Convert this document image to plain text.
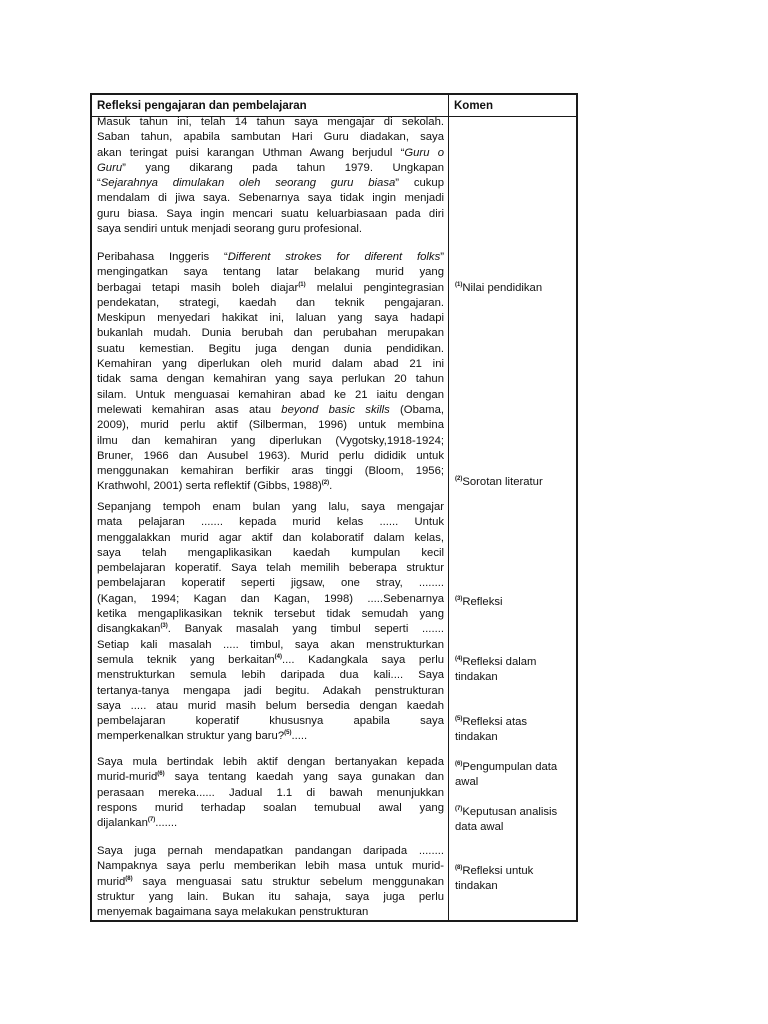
Refleksi pengajaran dan pembelajaran	Komen
Masuk tahun ini, telah 14 tahun saya mengajar di sekolah.
Saban tahun, apabila sambutan Hari Guru diadakan, saya
akan teringat puisi karangan Uthman Awang berjudul “Guru o
Guru” yang dikarang pada tahun 1979. Ungkapan
“Sejarahnya dimulakan oleh seorang guru biasa” cukup
mendalam di jiwa saya. Sebenarnya saya tidak ingin menjadi
guru biasa. Saya ingin mencari suatu keluarbiasaan pada diri
saya sendiri untuk menjadi seorang guru profesional.
Peribahasa Inggeris “Different strokes for diferent folks”
mengingatkan saya tentang latar belakang murid yang
berbagai tetapi masih boleh diajar$^{(1)}$ melalui pengintegrasian
pendekatan, strategi, kaedah dan teknik pengajaran.
Meskipun menyedari hakikat ini, laluan yang saya hadapi
bukanlah mudah. Dunia berubah dan perubahan merupakan
suatu kemestian. Begitu juga dengan dunia pendidikan.
Kemahiran yang diperlukan oleh murid dalam abad 21 ini
tidak sama dengan kemahiran yang saya perlukan 20 tahun
silam. Untuk menguasai kemahiran abad ke 21 iaitu dengan
melewati kemahiran asas atau beyond basic skills (Obama,
2009), murid perlu aktif (Silberman, 1996) untuk membina
ilmu dan kemahiran yang diperlukan (Vygotsky,1918-1924;
Bruner, 1966 dan Ausubel 1963). Murid perlu dididik untuk
menggunakan kemahiran berfikir aras tinggi (Bloom, 1956;
Krathwohl, 2001) serta reflektif (Gibbs, 1988)$^{(2)}$.
Sepanjang tempoh enam bulan yang lalu, saya mengajar
mata pelajaran ....... kepada murid kelas ...... Untuk
menggalakkan murid agar aktif dan kolaboratif dalam kelas,
saya telah mengaplikasikan kaedah kumpulan kecil
pembelajaran koperatif. Saya telah memilih beberapa struktur
pembelajaran koperatif seperti jigsaw, one stray, ........
(Kagan, 1994; Kagan dan Kagan, 1998) .....Sebenarnya
ketika mengaplikasikan teknik tersebut tidak semudah yang
disangkakan$^{(3)}$. Banyak masalah yang timbul seperti .......
Setiap kali masalah ..... timbul, saya akan menstrukturkan
semula teknik yang berkaitan$^{(4)}$.... Kadangkala saya perlu
menstrukturkan semula lebih daripada dua kali.... Saya
tertanya-tanya mengapa jadi begitu. Adakah penstrukturan
saya ..... atau murid masih belum bersedia dengan kaedah
pembelajaran koperatif khususnya apabila saya
memperkenalkan struktur yang baru?$^{(5)}$.....
Saya mula bertindak lebih aktif dengan bertanyakan kepada
murid-murid$^{(6)}$ saya tentang kaedah yang saya gunakan dan
perasaan mereka...... Jadual 1.1 di bawah menunjukkan
respons murid terhadap soalan temubual awal yang
dijalankan$^{(7)}$.......
Saya juga pernah mendapatkan pandangan daripada ........
Nampaknya saya perlu memberikan lebih masa untuk murid-
murid$^{(8)}$ saya menguasai satu struktur sebelum menggunakan
struktur yang lain. Bukan itu sahaja, saya juga perlu
menyemak bagaimana saya melakukan penstrukturan
$^{(1)}$Nilai pendidikan
$^{(2)}$Sorotan literatur
$^{(3)}$Refleksi
$^{(4)}$Refleksi dalam
tindakan
$^{(5)}$Refleksi atas
tindakan
$^{(6)}$Pengumpulan data
awal
$^{(7)}$Keputusan analisis
data awal
$^{(8)}$Refleksi untuk
tindakan
